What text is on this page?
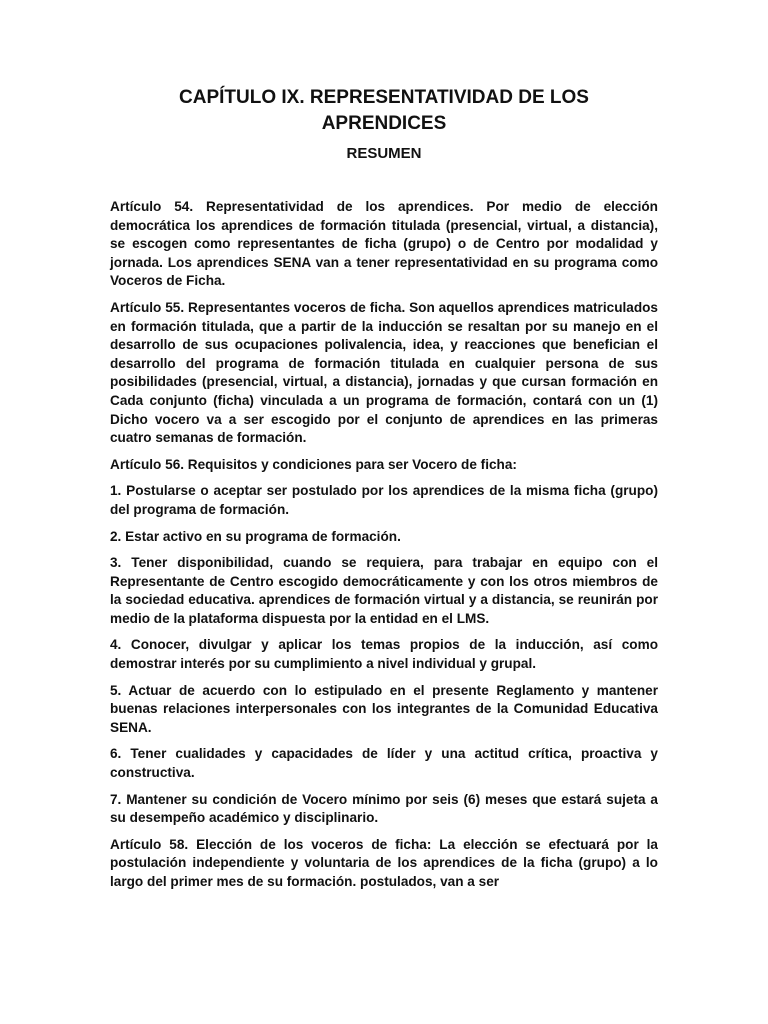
CAPÍTULO IX. REPRESENTATIVIDAD DE LOS APRENDICES
RESUMEN

Artículo 54. Representatividad de los aprendices. Por medio de elección democrática los aprendices de formación titulada (presencial, virtual, a distancia), se escogen como representantes de ficha (grupo) o de Centro por modalidad y jornada. Los aprendices SENA van a tener representatividad en su programa como Voceros de Ficha.

Artículo 55. Representantes voceros de ficha. Son aquellos aprendices matriculados en formación titulada, que a partir de la inducción se resaltan por su manejo en el desarrollo de sus ocupaciones polivalencia, idea, y reacciones que benefician el desarrollo del programa de formación titulada en cualquier persona de sus posibilidades (presencial, virtual, a distancia), jornadas y que cursan formación en Cada conjunto (ficha) vinculada a un programa de formación, contará con un (1) Dicho vocero va a ser escogido por el conjunto de aprendices en las primeras cuatro semanas de formación.

Artículo 56. Requisitos y condiciones para ser Vocero de ficha:

1. Postularse o aceptar ser postulado por los aprendices de la misma ficha (grupo) del programa de formación.

2. Estar activo en su programa de formación.

3. Tener disponibilidad, cuando se requiera, para trabajar en equipo con el Representante de Centro escogido democráticamente y con los otros miembros de la sociedad educativa. aprendices de formación virtual y a distancia, se reunirán por medio de la plataforma dispuesta por la entidad en el LMS.

4. Conocer, divulgar y aplicar los temas propios de la inducción, así como demostrar interés por su cumplimiento a nivel individual y grupal.

5. Actuar de acuerdo con lo estipulado en el presente Reglamento y mantener buenas relaciones interpersonales con los integrantes de la Comunidad Educativa SENA.

6. Tener cualidades y capacidades de líder y una actitud crítica, proactiva y constructiva.

7. Mantener su condición de Vocero mínimo por seis (6) meses que estará sujeta a su desempeño académico y disciplinario.

Artículo 58. Elección de los voceros de ficha: La elección se efectuará por la postulación independiente y voluntaria de los aprendices de la ficha (grupo) a lo largo del primer mes de su formación. postulados, van a ser
